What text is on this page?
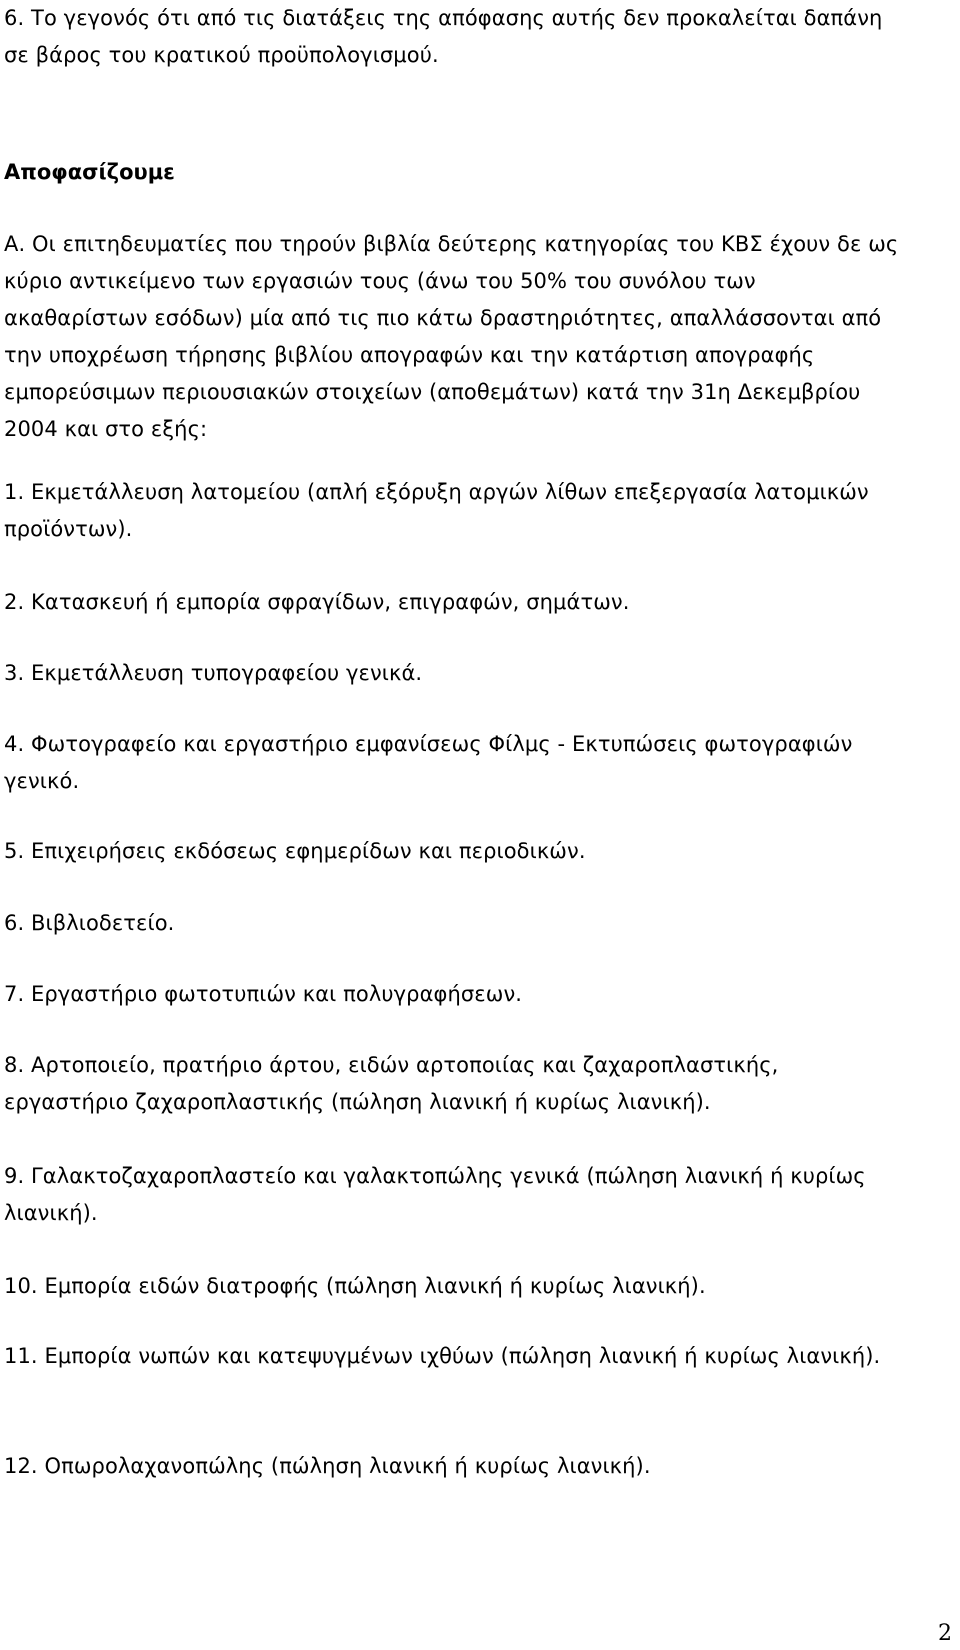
6. Το γεγονός ότι από τις διατάξεις της απόφασης αυτής δεν προκαλείται δαπάνη σε βάρος του κρατικού προϋπολογισμού.

Αποφασίζουμε

Α. Οι επιτηδευματίες που τηρούν βιβλία δεύτερης κατηγορίας του ΚΒΣ έχουν δε ως κύριο αντικείμενο των εργασιών τους (άνω του 50% του συνόλου των ακαθαρίστων εσόδων) μία από τις πιο κάτω δραστηριότητες, απαλλάσσονται από την υποχρέωση τήρησης βιβλίου απογραφών και την κατάρτιση απογραφής εμπορεύσιμων περιουσιακών στοιχείων (αποθεμάτων) κατά την 31η Δεκεμβρίου 2004 και στο εξής:

1. Εκμετάλλευση λατομείου (απλή εξόρυξη αργών λίθων επεξεργασία λατομικών προϊόντων).
2. Κατασκευή ή εμπορία σφραγίδων, επιγραφών, σημάτων.
3. Εκμετάλλευση τυπογραφείου γενικά.
4. Φωτογραφείο και εργαστήριο εμφανίσεως Φίλμς - Εκτυπώσεις φωτογραφιών γενικό.
5. Επιχειρήσεις εκδόσεως εφημερίδων και περιοδικών.
6. Βιβλιοδετείο.
7. Εργαστήριο φωτοτυπιών και πολυγραφήσεων.
8. Αρτοποιείο, πρατήριο άρτου, ειδών αρτοποιίας και ζαχαροπλαστικής, εργαστήριο ζαχαροπλαστικής (πώληση λιανική ή κυρίως λιανική).
9. Γαλακτοζαχαροπλαστείο και γαλακτοπώλης γενικά (πώληση λιανική ή κυρίως λιανική).
10. Εμπορία ειδών διατροφής (πώληση λιανική ή κυρίως λιανική).
11. Εμπορία νωπών και κατεψυγμένων ιχθύων (πώληση λιανική ή κυρίως λιανική).
12. Οπωρολαχανοπώλης (πώληση λιανική ή κυρίως λιανική).
2
